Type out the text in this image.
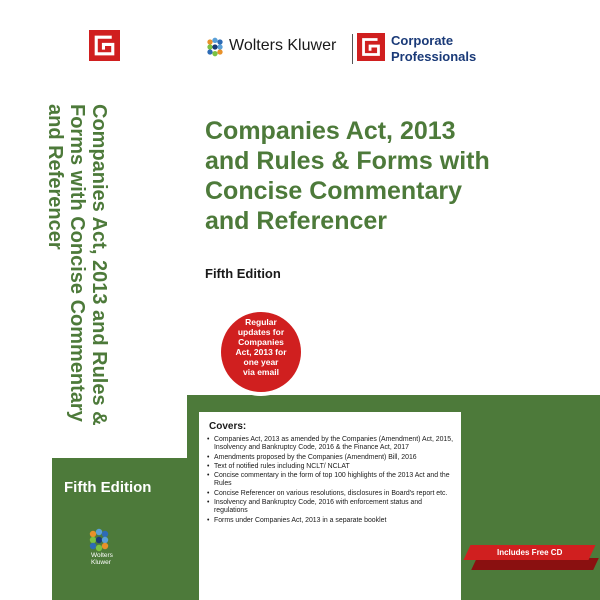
Companies Act, 2013 and Rules &
Forms with Concise Commentary
and Referencer
Fifth Edition
Wolters
Kluwer
Wolters Kluwer	Corporate
Professionals
Companies Act, 2013
and Rules & Forms with
Concise Commentary
and Referencer
Fifth Edition
Regular
updates for
Companies
Act, 2013 for
one year
via email
Covers:
• Companies Act, 2013 as amended by the Companies (Amendment) Act, 2015, Insolvency and Bankruptcy Code, 2016 & the Finance Act, 2017
• Amendments proposed by the Companies (Amendment) Bill, 2016
• Text of notified rules including NCLT/ NCLAT
• Concise commentary in the form of top 100 highlights of the 2013 Act and the Rules
• Concise Referencer on various resolutions, disclosures in Board's report etc.
• Insolvency and Bankruptcy Code, 2016 with enforcement status and regulations
• Forms under Companies Act, 2013 in a separate booklet
Includes Free CD
